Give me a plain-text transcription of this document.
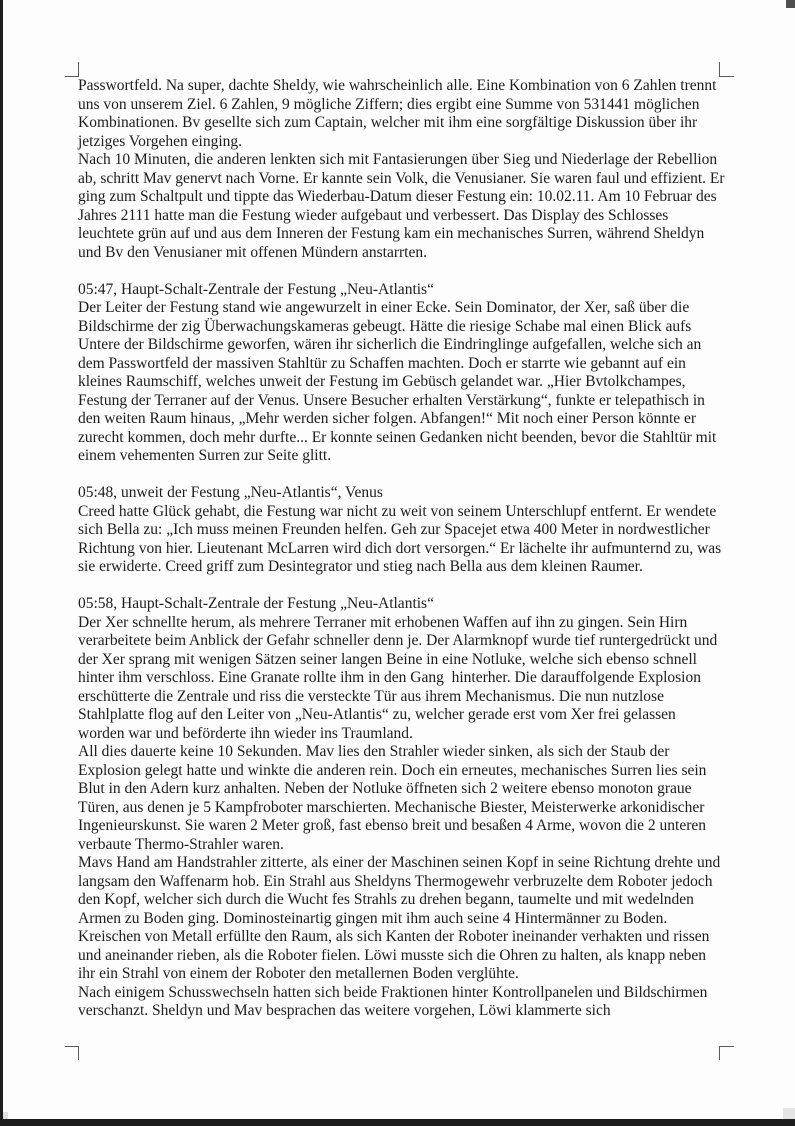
Passwortfeld. Na super, dachte Sheldy, wie wahrscheinlich alle. Eine Kombination von 6 Zahlen trennt uns von unserem Ziel. 6 Zahlen, 9 mögliche Ziffern; dies ergibt eine Summe von 531441 möglichen Kombinationen. Bv gesellte sich zum Captain, welcher mit ihm eine sorgfältige Diskussion über ihr jetziges Vorgehen einging.

Nach 10 Minuten, die anderen lenkten sich mit Fantasierungen über Sieg und Niederlage der Rebellion ab, schritt Mav genervt nach Vorne. Er kannte sein Volk, die Venusianer. Sie waren faul und effizient. Er ging zum Schaltpult und tippte das Wiederbau-Datum dieser Festung ein: 10.02.11. Am 10 Februar des Jahres 2111 hatte man die Festung wieder aufgebaut und verbessert. Das Display des Schlosses leuchtete grün auf und aus dem Inneren der Festung kam ein mechanisches Surren, während Sheldyn und Bv den Venusianer mit offenen Mündern anstarrten.

05:47, Haupt-Schalt-Zentrale der Festung „Neu-Atlantis“

Der Leiter der Festung stand wie angewurzelt in einer Ecke. Sein Dominator, der Xer, saß über die Bildschirme der zig Überwachungskameras gebeugt. Hätte die riesige Schabe mal einen Blick aufs Untere der Bildschirme geworfen, wären ihr sicherlich die Eindringlinge aufgefallen, welche sich an dem Passwortfeld der massiven Stahltür zu Schaffen machten. Doch er starrte wie gebannt auf ein kleines Raumschiff, welches unweit der Festung im Gebüsch gelandet war. „Hier Bvtolkchampes, Festung der Terraner auf der Venus. Unsere Besucher erhalten Verstärkung“, funkte er telepathisch in den weiten Raum hinaus, „Mehr werden sicher folgen. Abfangen!“ Mit noch einer Person könnte er zurecht kommen, doch mehr durfte... Er konnte seinen Gedanken nicht beenden, bevor die Stahltür mit einem vehementen Surren zur Seite glitt.

05:48, unweit der Festung „Neu-Atlantis“, Venus

Creed hatte Glück gehabt, die Festung war nicht zu weit von seinem Unterschlupf entfernt. Er wendete sich Bella zu: „Ich muss meinen Freunden helfen. Geh zur Spacejet etwa 400 Meter in nordwestlicher Richtung von hier. Lieutenant McLarren wird dich dort versorgen.“ Er lächelte ihr aufmunternd zu, was sie erwiderte. Creed griff zum Desintegrator und stieg nach Bella aus dem kleinen Raumer.

05:58, Haupt-Schalt-Zentrale der Festung „Neu-Atlantis“

Der Xer schnellte herum, als mehrere Terraner mit erhobenen Waffen auf ihn zu gingen. Sein Hirn verarbeitete beim Anblick der Gefahr schneller denn je. Der Alarmknopf wurde tief runtergedrückt und der Xer sprang mit wenigen Sätzen seiner langen Beine in eine Notluke, welche sich ebenso schnell hinter ihm verschloss. Eine Granate rollte ihm in den Gang  hinterher. Die darauffolgende Explosion erschütterte die Zentrale und riss die versteckte Tür aus ihrem Mechanismus. Die nun nutzlose Stahlplatte flog auf den Leiter von „Neu-Atlantis“ zu, welcher gerade erst vom Xer frei gelassen worden war und beförderte ihn wieder ins Traumland.

All dies dauerte keine 10 Sekunden. Mav lies den Strahler wieder sinken, als sich der Staub der Explosion gelegt hatte und winkte die anderen rein. Doch ein erneutes, mechanisches Surren lies sein Blut in den Adern kurz anhalten. Neben der Notluke öffneten sich 2 weitere ebenso monoton graue Türen, aus denen je 5 Kampfroboter marschierten. Mechanische Biester, Meisterwerke arkonidischer Ingenieurskunst. Sie waren 2 Meter groß, fast ebenso breit und besaßen 4 Arme, wovon die 2 unteren verbaute Thermo-Strahler waren.

Mavs Hand am Handstrahler zitterte, als einer der Maschinen seinen Kopf in seine Richtung drehte und langsam den Waffenarm hob. Ein Strahl aus Sheldyns Thermogewehr verbruzelte dem Roboter jedoch den Kopf, welcher sich durch die Wucht fes Strahls zu drehen begann, taumelte und mit wedelnden Armen zu Boden ging. Dominosteinartig gingen mit ihm auch seine 4 Hintermänner zu Boden. Kreischen von Metall erfüllte den Raum, als sich Kanten der Roboter ineinander verhakten und rissen und aneinander rieben, als die Roboter fielen. Löwi musste sich die Ohren zu halten, als knapp neben ihr ein Strahl von einem der Roboter den metallernen Boden verglühte.

Nach einigem Schusswechseln hatten sich beide Fraktionen hinter Kontrollpanelen und Bildschirmen verschanzt. Sheldyn und Mav besprachen das weitere vorgehen, Löwi klammerte sich
